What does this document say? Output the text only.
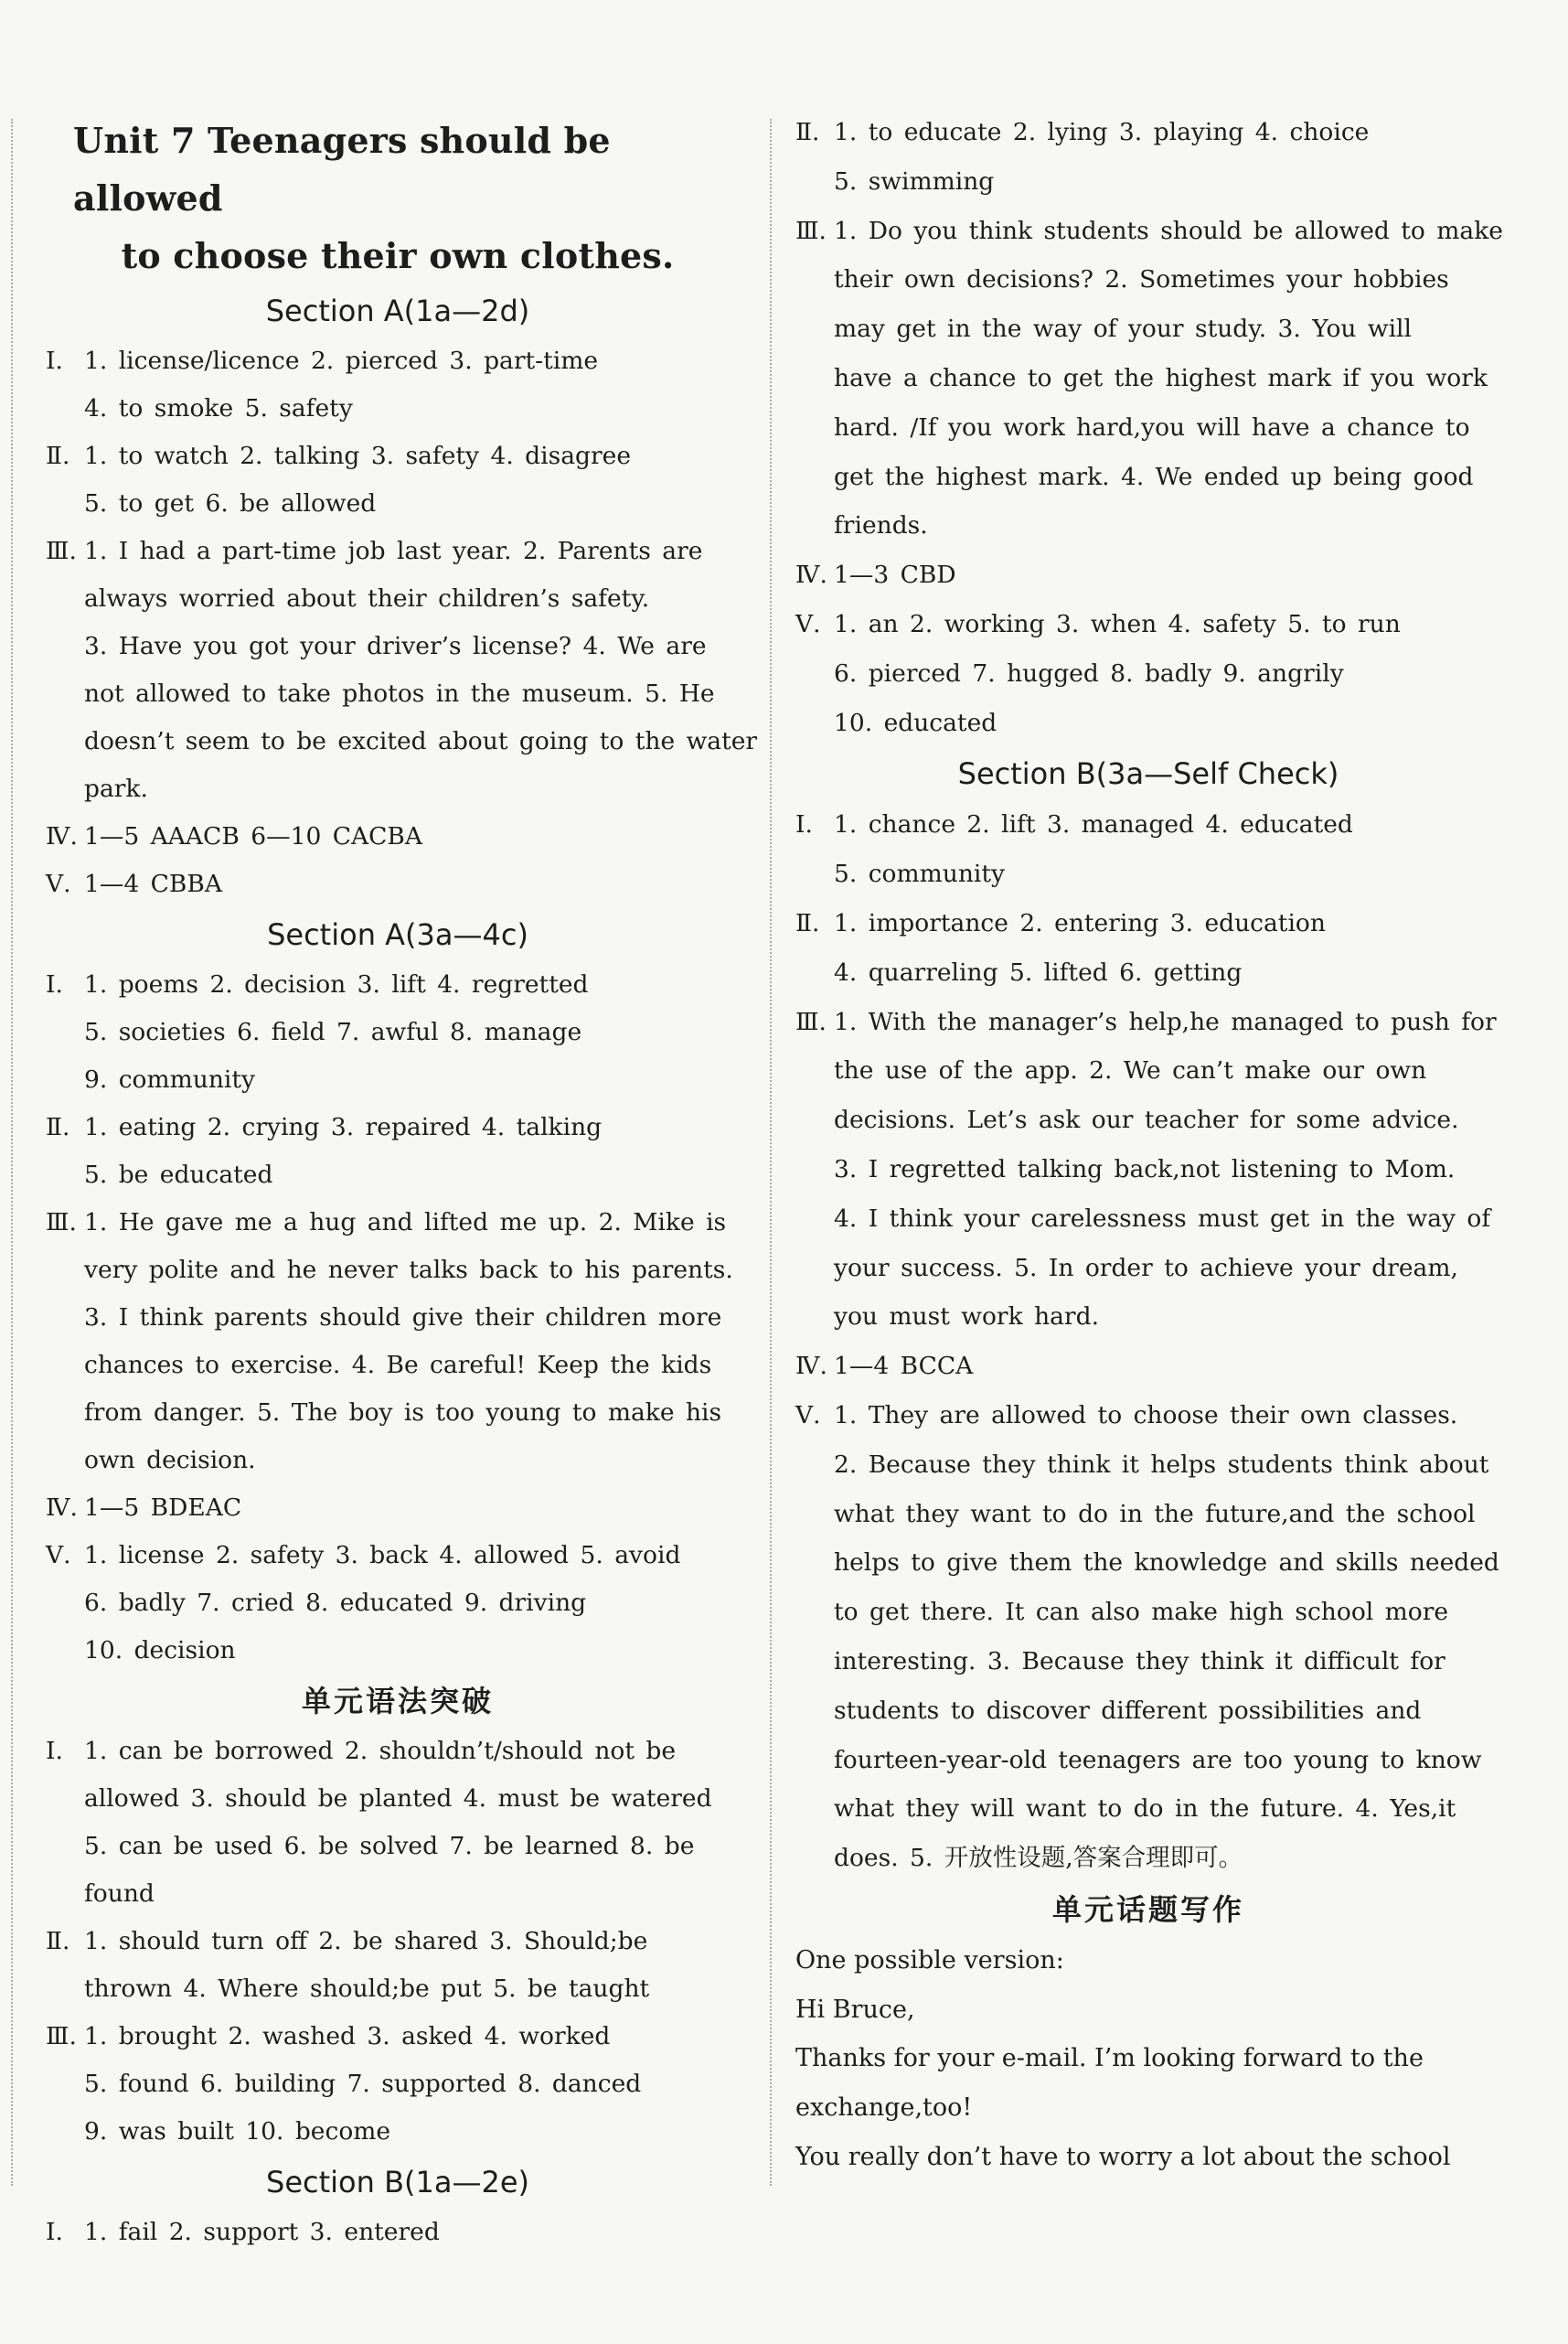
Unit 7 Teenagers should be allowed
to choose their own clothes.
Section A(1a—2d)
Ⅰ. 1. license/licence 2. pierced 3. part-time
4. to smoke 5. safety
Ⅱ. 1. to watch 2. talking 3. safety 4. disagree
5. to get 6. be allowed
Ⅲ. 1. I had a part-time job last year. 2. Parents are
always worried about their children’s safety.
3. Have you got your driver’s license? 4. We are
not allowed to take photos in the museum. 5. He
doesn’t seem to be excited about going to the water
park.
Ⅳ. 1—5 AAACB 6—10 CACBA
Ⅴ. 1—4 CBBA
Section A(3a—4c)
Ⅰ. 1. poems 2. decision 3. lift 4. regretted
5. societies 6. field 7. awful 8. manage
9. community
Ⅱ. 1. eating 2. crying 3. repaired 4. talking
5. be educated
Ⅲ. 1. He gave me a hug and lifted me up. 2. Mike is
very polite and he never talks back to his parents.
3. I think parents should give their children more
chances to exercise. 4. Be careful! Keep the kids
from danger. 5. The boy is too young to make his
own decision.
Ⅳ. 1—5 BDEAC
Ⅴ. 1. license 2. safety 3. back 4. allowed 5. avoid
6. badly 7. cried 8. educated 9. driving
10. decision
单元语法突破
Ⅰ. 1. can be borrowed 2. shouldn’t/should not be
allowed 3. should be planted 4. must be watered
5. can be used 6. be solved 7. be learned 8. be
found
Ⅱ. 1. should turn off 2. be shared 3. Should;be
thrown 4. Where should;be put 5. be taught
Ⅲ. 1. brought 2. washed 3. asked 4. worked
5. found 6. building 7. supported 8. danced
9. was built 10. become
Section B(1a—2e)
Ⅰ. 1. fail 2. support 3. entered
Ⅱ. 1. to educate 2. lying 3. playing 4. choice
5. swimming
Ⅲ. 1. Do you think students should be allowed to make
their own decisions? 2. Sometimes your hobbies
may get in the way of your study. 3. You will
have a chance to get the highest mark if you work
hard. /If you work hard,you will have a chance to
get the highest mark. 4. We ended up being good
friends.
Ⅳ. 1—3 CBD
Ⅴ. 1. an 2. working 3. when 4. safety 5. to run
6. pierced 7. hugged 8. badly 9. angrily
10. educated
Section B(3a—Self Check)
Ⅰ. 1. chance 2. lift 3. managed 4. educated
5. community
Ⅱ. 1. importance 2. entering 3. education
4. quarreling 5. lifted 6. getting
Ⅲ. 1. With the manager’s help,he managed to push for
the use of the app. 2. We can’t make our own
decisions. Let’s ask our teacher for some advice.
3. I regretted talking back,not listening to Mom.
4. I think your carelessness must get in the way of
your success. 5. In order to achieve your dream,
you must work hard.
Ⅳ. 1—4 BCCA
Ⅴ. 1. They are allowed to choose their own classes.
2. Because they think it helps students think about
what they want to do in the future,and the school
helps to give them the knowledge and skills needed
to get there. It can also make high school more
interesting. 3. Because they think it difficult for
students to discover different possibilities and
fourteen-year-old teenagers are too young to know
what they will want to do in the future. 4. Yes,it
does. 5. 开放性设题,答案合理即可。
单元话题写作
One possible version:
Hi Bruce,
Thanks for your e-mail. I’m looking forward to the
exchange,too!
You really don’t have to worry a lot about the school
